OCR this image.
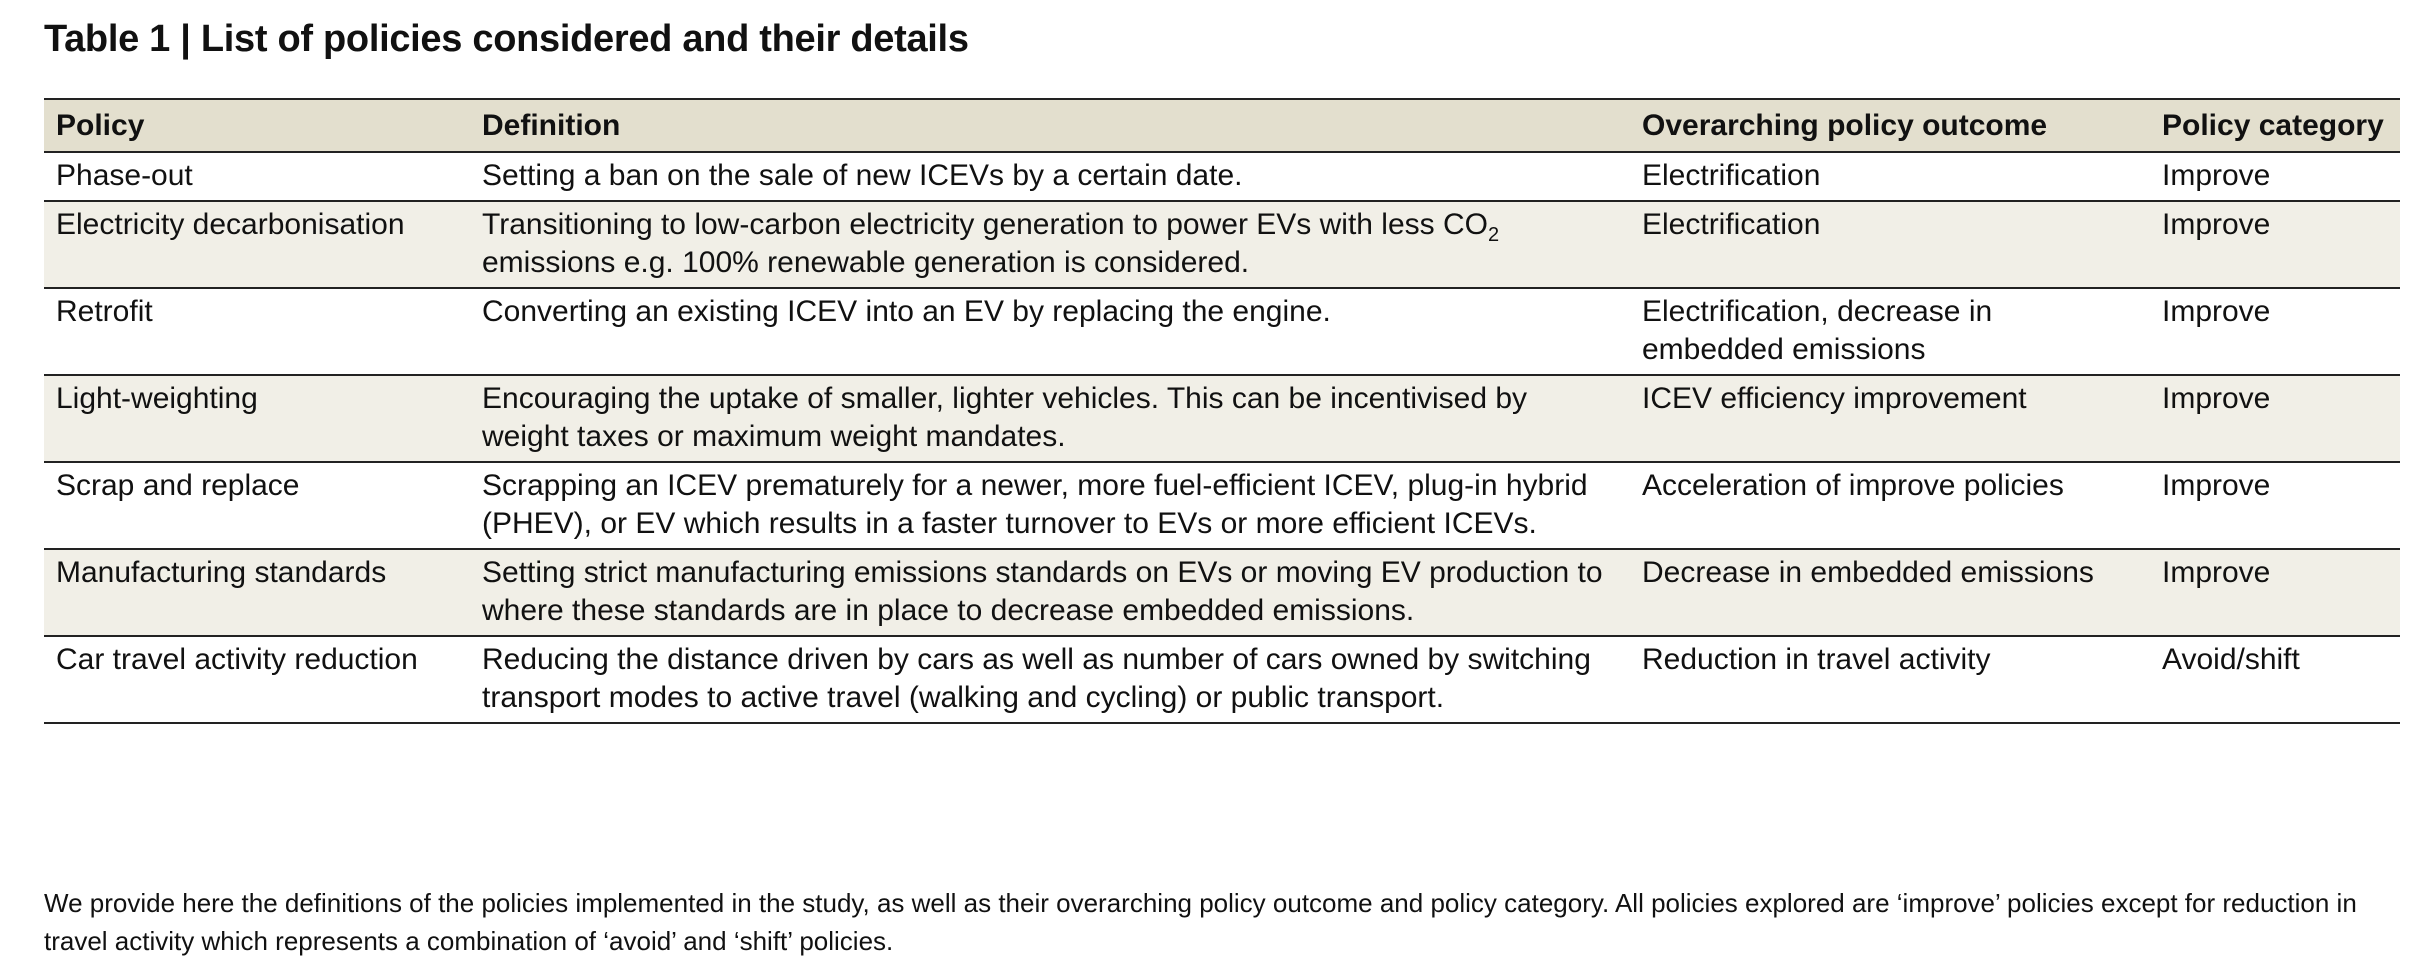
Table 1 | List of policies considered and their details
Policy	Definition	Overarching policy outcome	Policy category
Phase-out	Setting a ban on the sale of new ICEVs by a certain date.	Electrification	Improve
Electricity decarbonisation	Transitioning to low-carbon electricity generation to power EVs with less $CO_2$ emissions e.g. 100% renewable generation is considered.	Electrification	Improve
Retrofit	Converting an existing ICEV into an EV by replacing the engine.	Electrification, decrease in embedded emissions	Improve
Light-weighting	Encouraging the uptake of smaller, lighter vehicles. This can be incentivised by weight taxes or maximum weight mandates.	ICEV efficiency improvement	Improve
Scrap and replace	Scrapping an ICEV prematurely for a newer, more fuel-efficient ICEV, plug-in hybrid (PHEV), or EV which results in a faster turnover to EVs or more efficient ICEVs.	Acceleration of improve policies	Improve
Manufacturing standards	Setting strict manufacturing emissions standards on EVs or moving EV production to where these standards are in place to decrease embedded emissions.	Decrease in embedded emissions	Improve
Car travel activity reduction	Reducing the distance driven by cars as well as number of cars owned by switching transport modes to active travel (walking and cycling) or public transport.	Reduction in travel activity	Avoid/shift
We provide here the definitions of the policies implemented in the study, as well as their overarching policy outcome and policy category. All policies explored are ‘improve’ policies except for reduction in travel activity which represents a combination of ‘avoid’ and ‘shift’ policies.
